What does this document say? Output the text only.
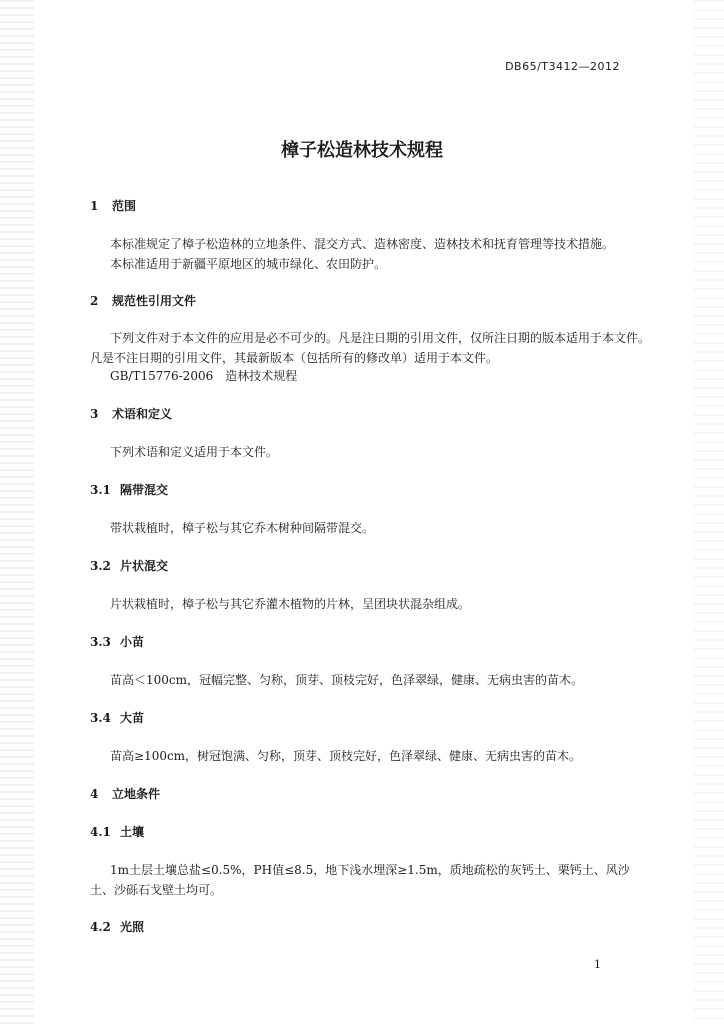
DB65/T3412—2012
樟子松造林技术规程
1 范围
本标准规定了樟子松造林的立地条件、混交方式、造林密度、造林技术和抚育管理等技术措施。
本标准适用于新疆平原地区的城市绿化、农田防护。
2 规范性引用文件
下列文件对于本文件的应用是必不可少的。凡是注日期的引用文件，仅所注日期的版本适用于本文件。凡是不注日期的引用文件，其最新版本（包括所有的修改单）适用于本文件。
GB/T15776-2006　造林技术规程
3 术语和定义
下列术语和定义适用于本文件。
3.1 隔带混交
带状栽植时，樟子松与其它乔木树种间隔带混交。
3.2 片状混交
片状栽植时，樟子松与其它乔灌木植物的片林，呈团块状混杂组成。
3.3 小苗
苗高＜100cm，冠幅完整、匀称，顶芽、顶枝完好，色泽翠绿，健康、无病虫害的苗木。
3.4 大苗
苗高≥100cm，树冠饱满、匀称，顶芽、顶枝完好，色泽翠绿、健康、无病虫害的苗木。
4 立地条件
4.1 土壤
1m土层土壤总盐≤0.5%，PH值≤8.5，地下浅水埋深≥1.5m，质地疏松的灰钙土、栗钙土、风沙土、沙砾石戈壁土均可。
4.2 光照
1
